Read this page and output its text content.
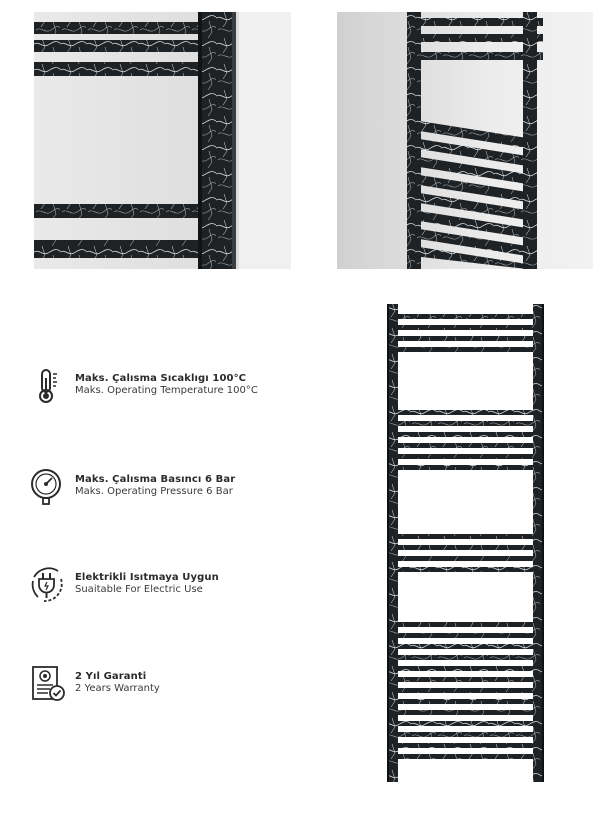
Maks. Çalısma Sıcaklıgı 100°C
Maks. Operating Temperature 100°C
Maks. Çalısma Basıncı 6 Bar
Maks. Operating Pressure 6 Bar
Elektrikli Isıtmaya Uygun
Suaitable For Electric Use
2 Yıl Garanti
2 Years Warranty
